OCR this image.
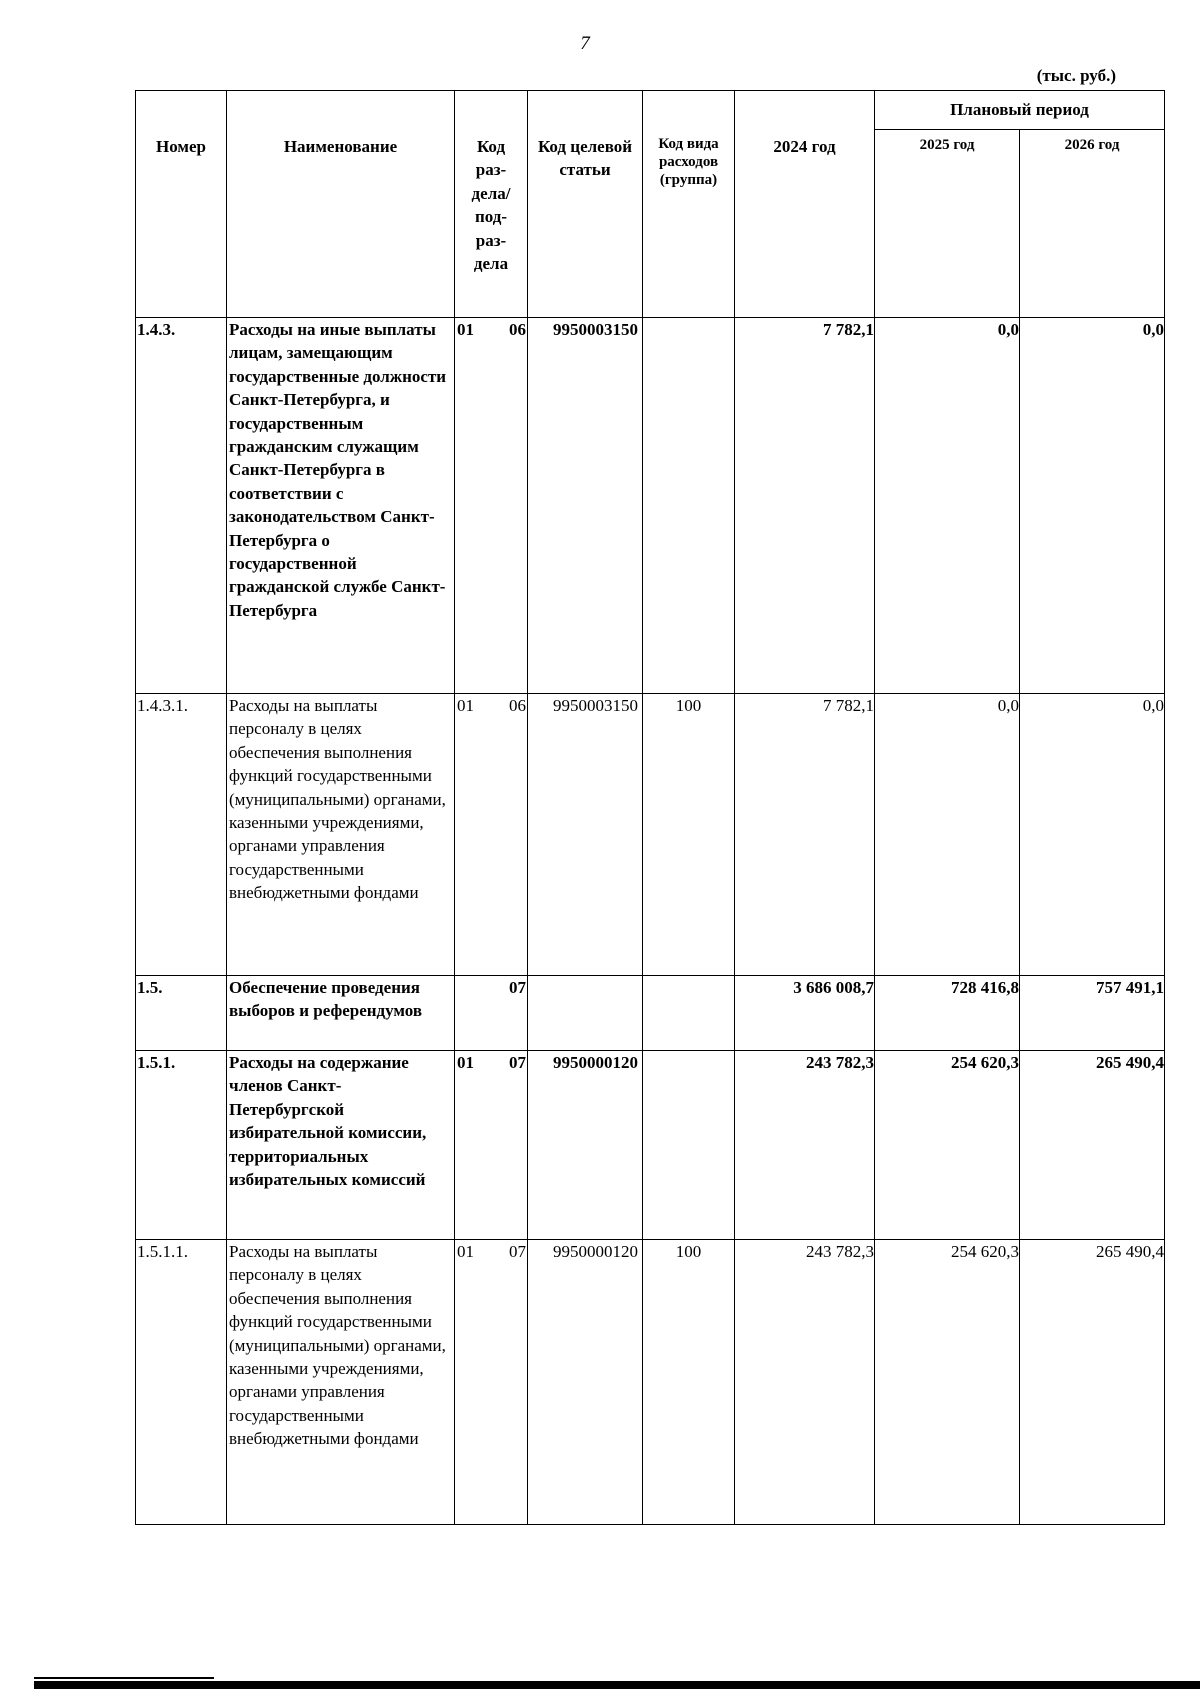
7
(тыс. руб.)
Номер	Наименование	Код раз- дела/ под- раз- дела	Код целевой статьи	Код вида расходов (группа)	2024 год	Плановый период	
						2025 год	2026 год
1.4.3.	Расходы на иные выплаты лицам, замещающим государственные должности Санкт-Петербурга, и государственным гражданским служащим Санкт-Петербурга в соответствии с законодательством Санкт-Петербурга о государственной гражданской службе Санкт-Петербурга	01 06	9950003150		7 782,1	0,0	0,0
1.4.3.1.	Расходы на выплаты персоналу в целях обеспечения выполнения функций государственными (муниципальными) органами, казенными учреждениями, органами управления государственными внебюджетными фондами	01 06	9950003150	100	7 782,1	0,0	0,0
1.5.	Обеспечение проведения выборов и референдумов	07			3 686 008,7	728 416,8	757 491,1
1.5.1.	Расходы на содержание членов Санкт-Петербургской избирательной комиссии, территориальных избирательных комиссий	01 07	9950000120		243 782,3	254 620,3	265 490,4
1.5.1.1.	Расходы на выплаты персоналу в целях обеспечения выполнения функций государственными (муниципальными) органами, казенными учреждениями, органами управления государственными внебюджетными фондами	01 07	9950000120	100	243 782,3	254 620,3	265 490,4
